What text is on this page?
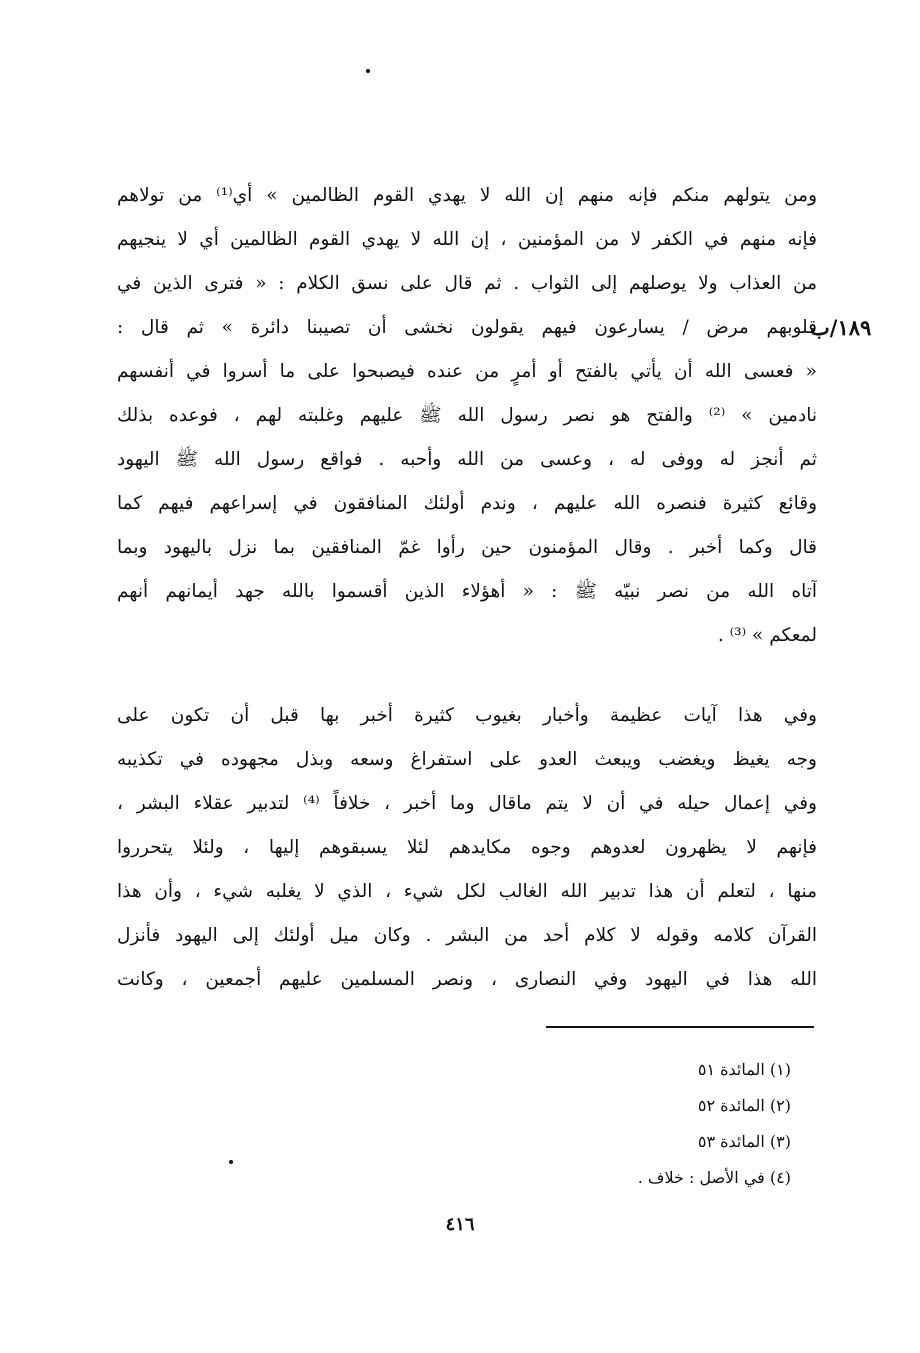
١٨٩/ب
ومن يتولهم منكم فإنه منهم إن الله لا يهدي القوم الظالمين » أي⁽¹⁾ من تولاهم
فإنه منهم في الكفر لا من المؤمنين ، إن الله لا يهدي القوم الظالمين أي لا ينجيهم
من العذاب ولا يوصلهم إلى الثواب . ثم قال على نسق الكلام : « فترى الذين في
قلوبهم مرض / يسارعون فيهم يقولون نخشى أن تصيبنا دائرة » ثم قال :
« فعسى الله أن يأتي بالفتح أو أمرٍ من عنده فيصبحوا على ما أسروا في أنفسهم
نادمين » ⁽²⁾ والفتح هو نصر رسول الله ﷺ عليهم وغلبته لهم ، فوعده بذلك
ثم أنجز له ووفى له ، وعسى من الله وأحبه . فواقع رسول الله ﷺ اليهود
وقائع كثيرة فنصره الله عليهم ، وندم أولئك المنافقون في إسراعهم فيهم كما
قال وكما أخبر . وقال المؤمنون حين رأوا غمّ المنافقين بما نزل باليهود وبما
آتاه الله من نصر نبيّه ﷺ : « أهؤلاء الذين أقسموا بالله جهد أيمانهم أنهم
لمعكم » ⁽³⁾ .
وفي هذا آيات عظيمة وأخبار بغيوب كثيرة أخبر بها قبل أن تكون على
وجه يغيظ ويغضب ويبعث العدو على استفراغ وسعه وبذل مجهوده في تكذيبه
وفي إعمال حيله في أن لا يتم ماقال وما أخبر ، خلافاً ⁽⁴⁾ لتدبير عقلاء البشر ،
فإنهم لا يظهرون لعدوهم وجوه مكايدهم لئلا يسبقوهم إليها ، ولئلا يتحرروا
منها ، لتعلم أن هذا تدبير الله الغالب لكل شيء ، الذي لا يغلبه شيء ، وأن هذا
القرآن كلامه وقوله لا كلام أحد من البشر . وكان ميل أولئك إلى اليهود فأنزل
الله هذا في اليهود وفي النصارى ، ونصر المسلمين عليهم أجمعين ، وكانت
(١) المائدة ٥١
(٢) المائدة ٥٢
(٣) المائدة ٥٣
(٤) في الأصل : خلاف .
٤١٦
